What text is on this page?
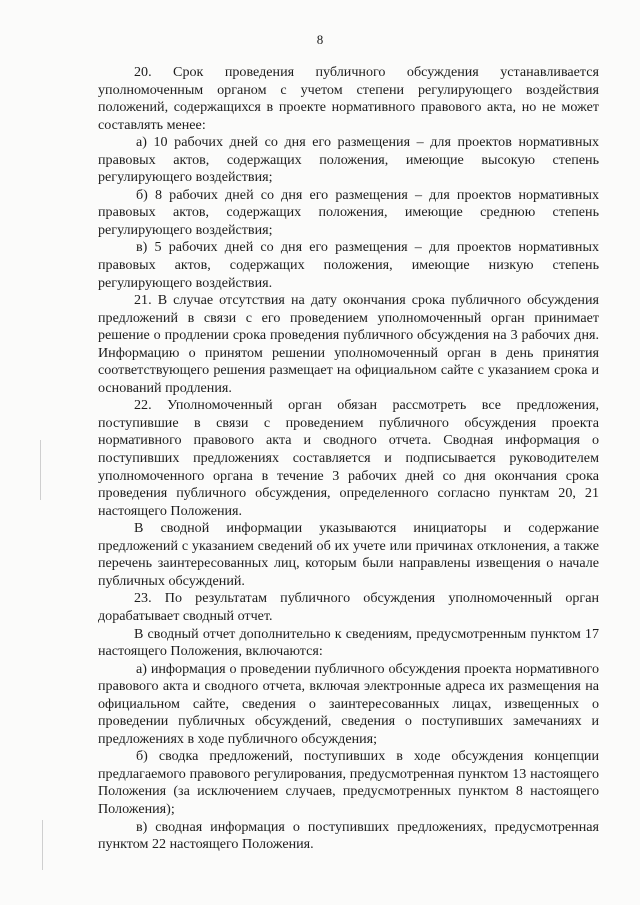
8

20. Срок проведения публичного обсуждения устанавливается уполномоченным органом с учетом степени регулирующего воздействия положений, содержащихся в проекте нормативного правового акта, но не может составлять менее:

а) 10 рабочих дней со дня его размещения – для проектов нормативных правовых актов, содержащих положения, имеющие высокую степень регулирующего воздействия;

б) 8 рабочих дней со дня его размещения – для проектов нормативных правовых актов, содержащих положения, имеющие среднюю степень регулирующего воздействия;

в) 5 рабочих дней со дня его размещения – для проектов нормативных правовых актов, содержащих положения, имеющие низкую степень регулирующего воздействия.

21. В случае отсутствия на дату окончания срока публичного обсуждения предложений в связи с его проведением уполномоченный орган принимает решение о продлении срока проведения публичного обсуждения на 3 рабочих дня. Информацию о принятом решении уполномоченный орган в день принятия соответствующего решения размещает на официальном сайте с указанием срока и оснований продления.

22. Уполномоченный орган обязан рассмотреть все предложения, поступившие в связи с проведением публичного обсуждения проекта нормативного правового акта и сводного отчета. Сводная информация о поступивших предложениях составляется и подписывается руководителем уполномоченного органа в течение 3 рабочих дней со дня окончания срока проведения публичного обсуждения, определенного согласно пунктам 20, 21 настоящего Положения.

В сводной информации указываются инициаторы и содержание предложений с указанием сведений об их учете или причинах отклонения, а также перечень заинтересованных лиц, которым были направлены извещения о начале публичных обсуждений.

23. По результатам публичного обсуждения уполномоченный орган дорабатывает сводный отчет.

В сводный отчет дополнительно к сведениям, предусмотренным пунктом 17 настоящего Положения, включаются:

а) информация о проведении публичного обсуждения проекта нормативного правового акта и сводного отчета, включая электронные адреса их размещения на официальном сайте, сведения о заинтересованных лицах, извещенных о проведении публичных обсуждений, сведения о поступивших замечаниях и предложениях в ходе публичного обсуждения;

б) сводка предложений, поступивших в ходе обсуждения концепции предлагаемого правового регулирования, предусмотренная пунктом 13 настоящего Положения (за исключением случаев, предусмотренных пунктом 8 настоящего Положения);

в) сводная информация о поступивших предложениях, предусмотренная пунктом 22 настоящего Положения.
